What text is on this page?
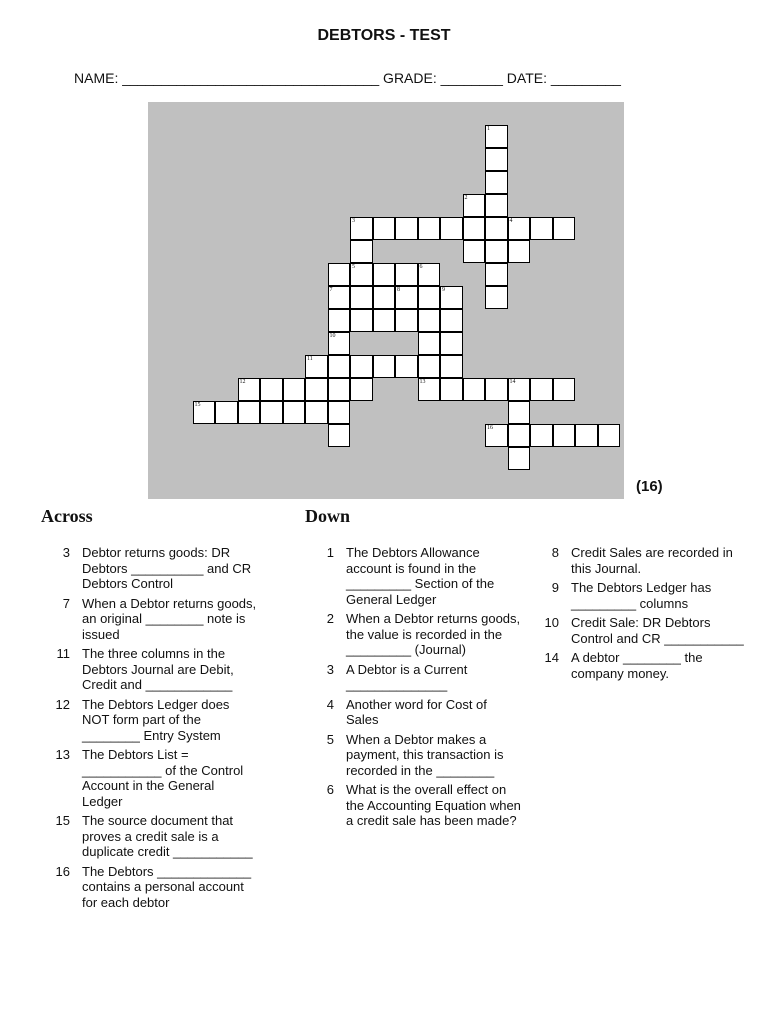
DEBTORS - TEST
NAME: _________________________________ GRADE: ________ DATE: _________
1
2
3	4
5	6
7	8	9
10
12	13	14
15
16
11
(16)
Across	Down
3 Debtor returns goods: DR Debtors __________ and CR Debtors Control
7 When a Debtor returns goods, an original ________ note is issued
11 The three columns in the Debtors Journal are Debit, Credit and ____________
12 The Debtors Ledger does NOT form part of the ________ Entry System
13 The Debtors List = ___________ of the Control Account in the General Ledger
15 The source document that proves a credit sale is a duplicate credit ___________
16 The Debtors _____________ contains a personal account for each debtor
1 The Debtors Allowance account is found in the _________ Section of the General Ledger
2 When a Debtor returns goods, the value is recorded in the _________ (Journal)
3 A Debtor is a Current ______________
4 Another word for Cost of Sales
5 When a Debtor makes a payment, this transaction is recorded in the ________
6 What is the overall effect on the Accounting Equation when a credit sale has been made?
8 Credit Sales are recorded in this Journal.
9 The Debtors Ledger has _________ columns
10 Credit Sale: DR Debtors Control and CR ___________
14 A debtor ________ the company money.
